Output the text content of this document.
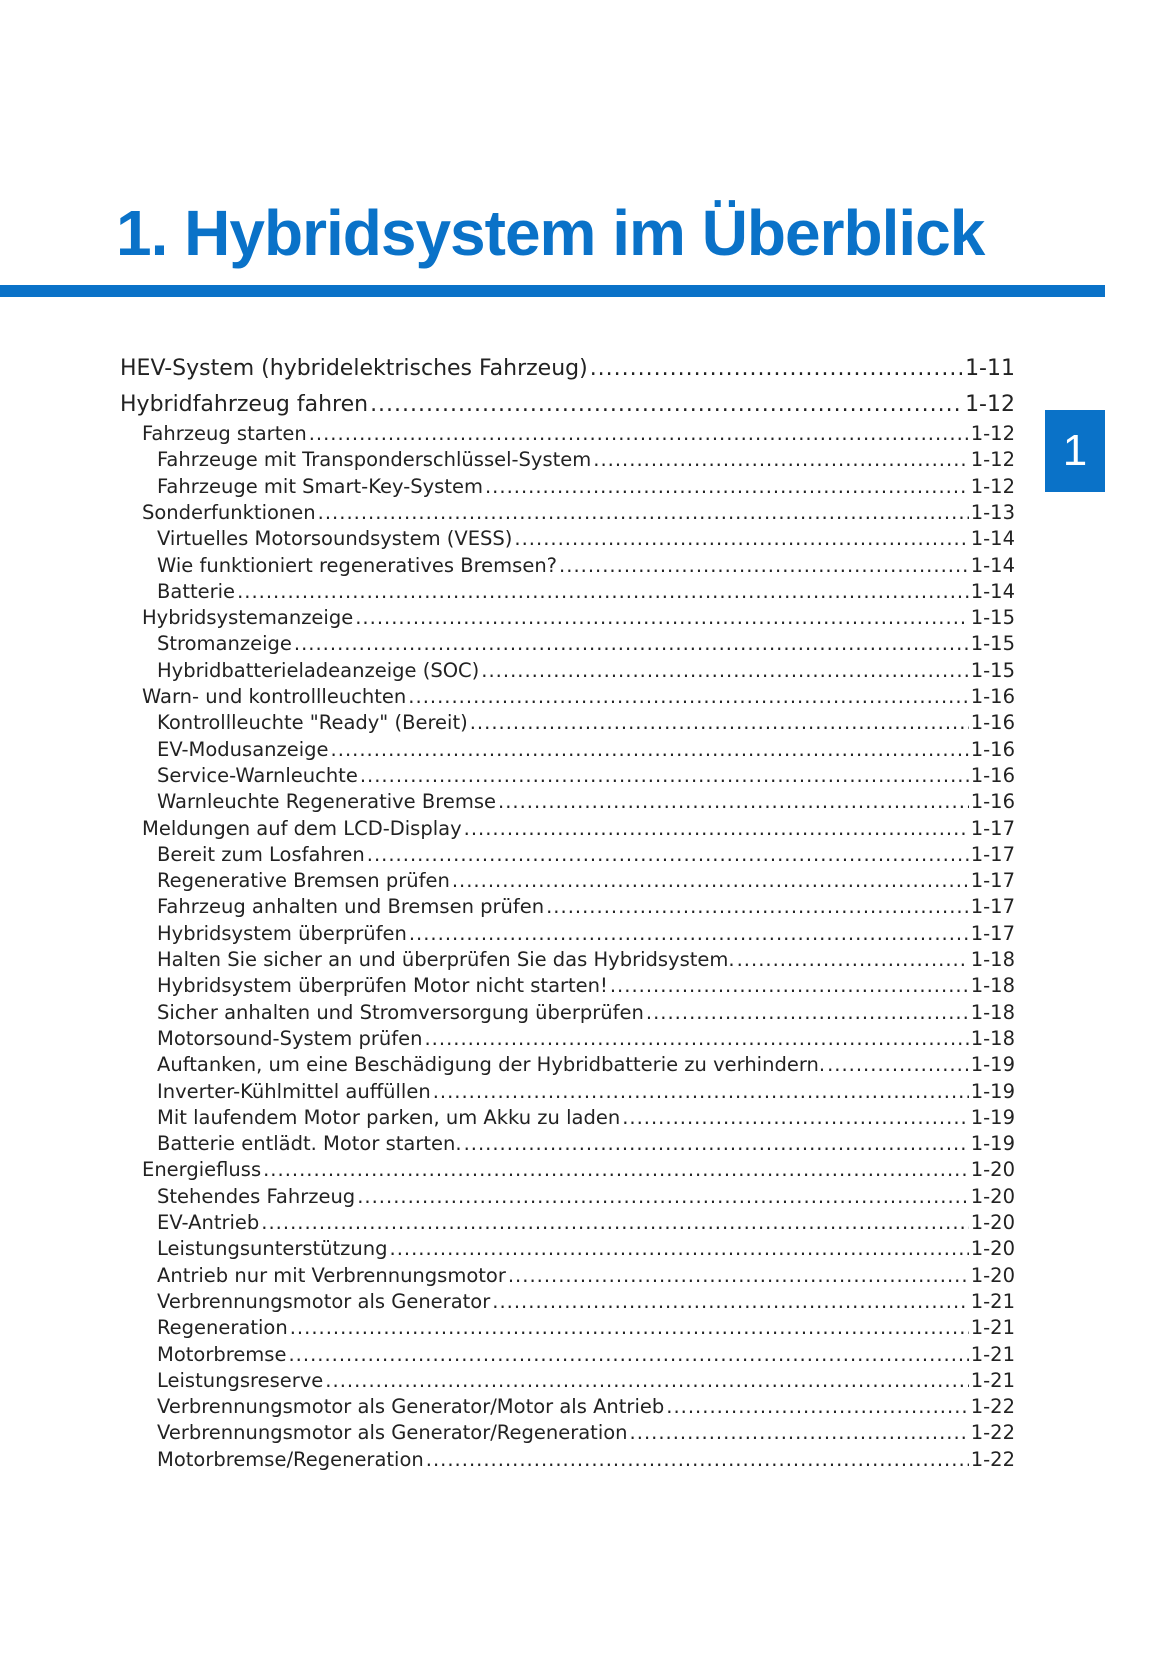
1. Hybridsystem im Überblick
1
HEV-System (hybridelektrisches Fahrzeug) .....	1-11
Hybridfahrzeug fahren .....	1-12
Fahrzeug starten .....	1-12
Fahrzeuge mit Transponderschlüssel-System .....	1-12
Fahrzeuge mit Smart-Key-System .....	1-12
Sonderfunktionen .....	1-13
Virtuelles Motorsoundsystem (VESS) .....	1-14
Wie funktioniert regeneratives Bremsen? .....	1-14
Batterie .....	1-14
Hybridsystemanzeige .....	1-15
Stromanzeige .....	1-15
Hybridbatterieladeanzeige (SOC) .....	1-15
Warn- und kontrollleuchten .....	1-16
Kontrollleuchte "Ready" (Bereit) .....	1-16
EV-Modusanzeige .....	1-16
Service-Warnleuchte .....	1-16
Warnleuchte Regenerative Bremse .....	1-16
Meldungen auf dem LCD-Display .....	1-17
Bereit zum Losfahren .....	1-17
Regenerative Bremsen prüfen .....	1-17
Fahrzeug anhalten und Bremsen prüfen .....	1-17
Hybridsystem überprüfen .....	1-17
Halten Sie sicher an und überprüfen Sie das Hybridsystem. .....	1-18
Hybridsystem überprüfen Motor nicht starten! .....	1-18
Sicher anhalten und Stromversorgung überprüfen .....	1-18
Motorsound-System prüfen .....	1-18
Auftanken, um eine Beschädigung der Hybridbatterie zu verhindern. .....	1-19
Inverter-Kühlmittel auffüllen .....	1-19
Mit laufendem Motor parken, um Akku zu laden .....	1-19
Batterie entlädt. Motor starten. .....	1-19
Energiefluss .....	1-20
Stehendes Fahrzeug .....	1-20
EV-Antrieb .....	1-20
Leistungsunterstützung .....	1-20
Antrieb nur mit Verbrennungsmotor .....	1-20
Verbrennungsmotor als Generator .....	1-21
Regeneration .....	1-21
Motorbremse .....	1-21
Leistungsreserve .....	1-21
Verbrennungsmotor als Generator/Motor als Antrieb .....	1-22
Verbrennungsmotor als Generator/Regeneration .....	1-22
Motorbremse/Regeneration .....	1-22
